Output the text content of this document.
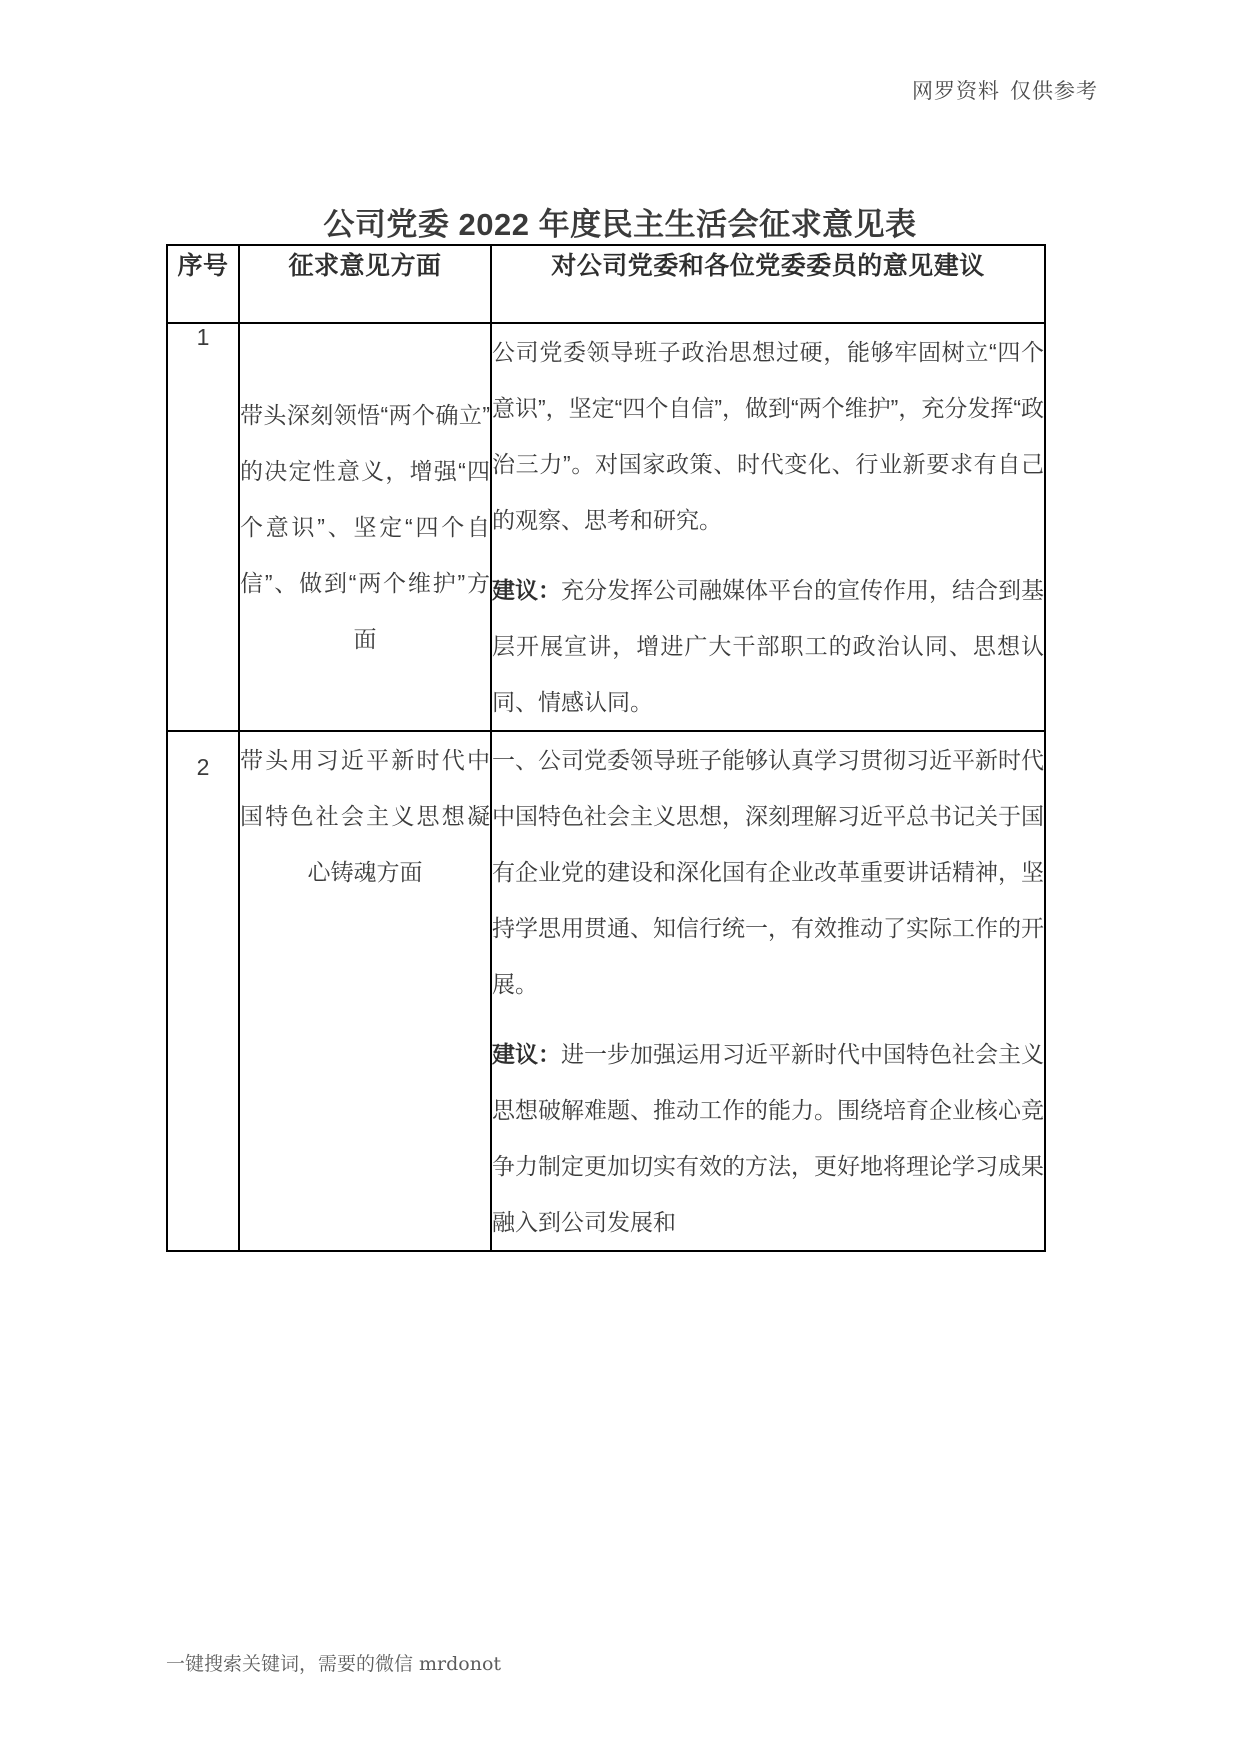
网罗资料 仅供参考
公司党委 2022 年度民主生活会征求意见表
序号	征求意见方面	对公司党委和各位党委委员的意见建议
1	带头深刻领悟“两个确立”的决定性意义，增强“四个意识”、坚定“四个自信”、做到“两个维护”方面	公司党委领导班子政治思想过硬，能够牢固树立“四个意识”，坚定“四个自信”，做到“两个维护”，充分发挥“政治三力”。对国家政策、时代变化、行业新要求有自己的观察、思考和研究。

建议：充分发挥公司融媒体平台的宣传作用，结合到基层开展宣讲，增进广大干部职工的政治认同、思想认同、情感认同。

2	带头用习近平新时代中国特色社会主义思想凝心铸魂方面	一、公司党委领导班子能够认真学习贯彻习近平新时代中国特色社会主义思想，深刻理解习近平总书记关于国有企业党的建设和深化国有企业改革重要讲话精神，坚持学思用贯通、知信行统一，有效推动了实际工作的开展。

建议：进一步加强运用习近平新时代中国特色社会主义思想破解难题、推动工作的能力。围绕培育企业核心竞争力制定更加切实有效的方法，更好地将理论学习成果融入到公司发展和

一键搜索关键词，需要的微信 mrdonot
